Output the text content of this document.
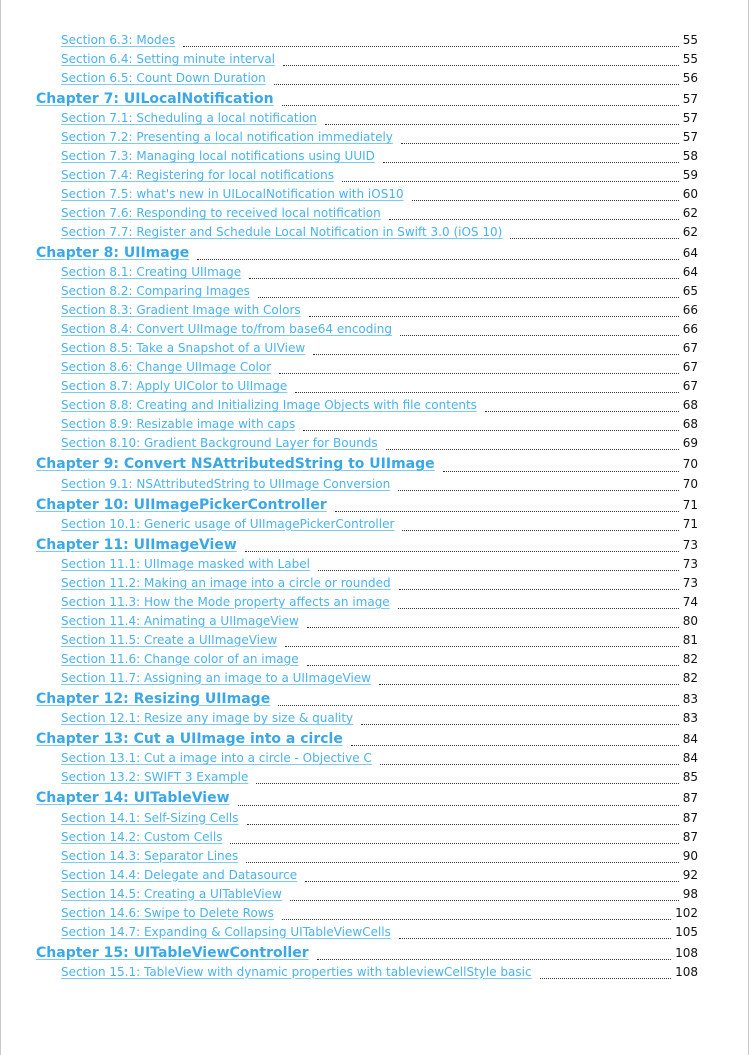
Section 6.3: Modes	55
Section 6.4: Setting minute interval	55
Section 6.5: Count Down Duration	56
Chapter 7: UILocalNotification	57
Section 7.1: Scheduling a local notification	57
Section 7.2: Presenting a local notification immediately	57
Section 7.3: Managing local notifications using UUID	58
Section 7.4: Registering for local notifications	59
Section 7.5: what's new in UILocalNotification with iOS10	60
Section 7.6: Responding to received local notification	62
Section 7.7: Register and Schedule Local Notification in Swift 3.0 (iOS 10)	62
Chapter 8: UIImage	64
Section 8.1: Creating UIImage	64
Section 8.2: Comparing Images	65
Section 8.3: Gradient Image with Colors	66
Section 8.4: Convert UIImage to/from base64 encoding	66
Section 8.5: Take a Snapshot of a UIView	67
Section 8.6: Change UIImage Color	67
Section 8.7: Apply UIColor to UIImage	67
Section 8.8: Creating and Initializing Image Objects with file contents	68
Section 8.9: Resizable image with caps	68
Section 8.10: Gradient Background Layer for Bounds	69
Chapter 9: Convert NSAttributedString to UIImage	70
Section 9.1: NSAttributedString to UIImage Conversion	70
Chapter 10: UIImagePickerController	71
Section 10.1: Generic usage of UIImagePickerController	71
Chapter 11: UIImageView	73
Section 11.1: UIImage masked with Label	73
Section 11.2: Making an image into a circle or rounded	73
Section 11.3: How the Mode property affects an image	74
Section 11.4: Animating a UIImageView	80
Section 11.5: Create a UIImageView	81
Section 11.6: Change color of an image	82
Section 11.7: Assigning an image to a UIImageView	82
Chapter 12: Resizing UIImage	83
Section 12.1: Resize any image by size & quality	83
Chapter 13: Cut a UIImage into a circle	84
Section 13.1: Cut a image into a circle - Objective C	84
Section 13.2: SWIFT 3 Example	85
Chapter 14: UITableView	87
Section 14.1: Self-Sizing Cells	87
Section 14.2: Custom Cells	87
Section 14.3: Separator Lines	90
Section 14.4: Delegate and Datasource	92
Section 14.5: Creating a UITableView	98
Section 14.6: Swipe to Delete Rows	102
Section 14.7: Expanding & Collapsing UITableViewCells	105
Chapter 15: UITableViewController	108
Section 15.1: TableView with dynamic properties with tableviewCellStyle basic	108
